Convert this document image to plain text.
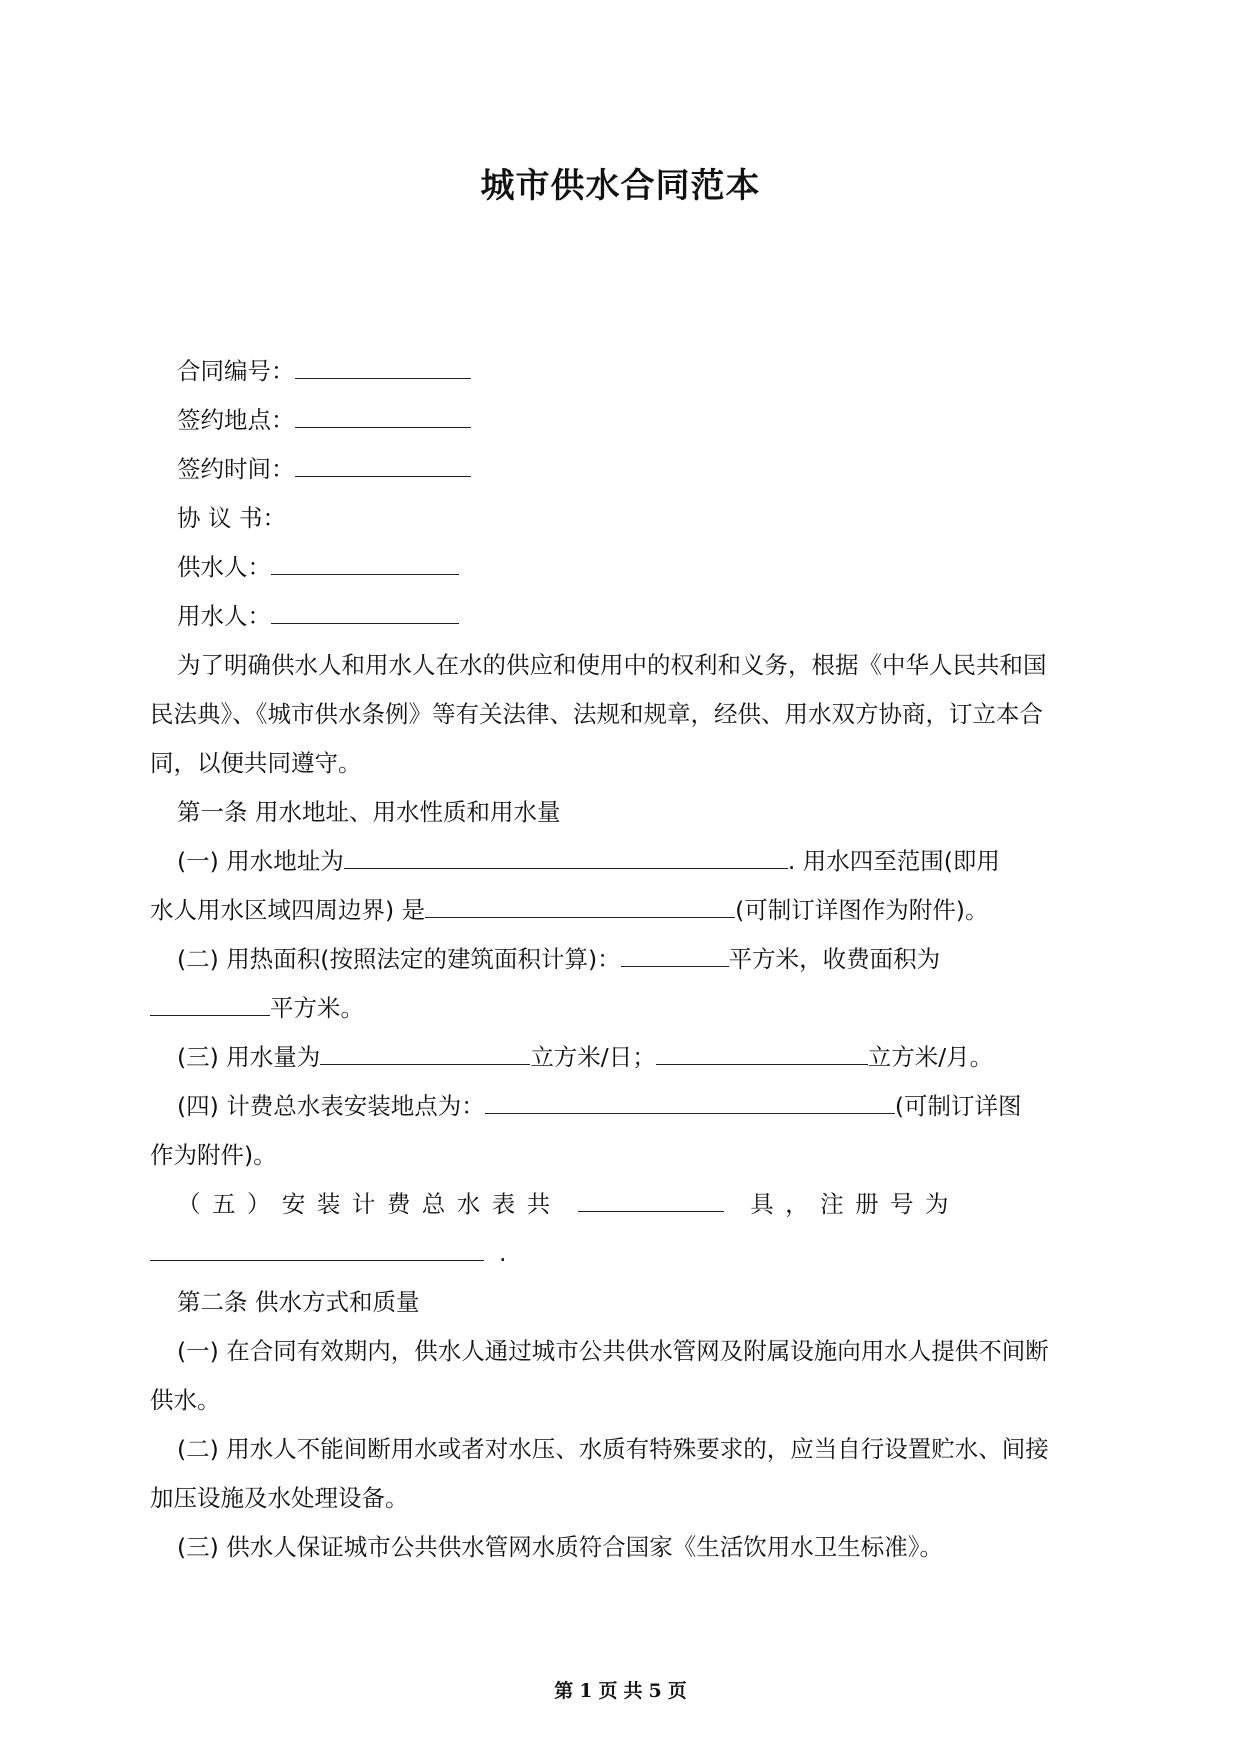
城市供水合同范本
合同编号：
签约地点：
签约时间：
协 议 书：
供水人：
用水人：
为了明确供水人和用水人在水的供应和使用中的权利和义务，根据《中华人民共和国
民法典》、《城市供水条例》等有关法律、法规和规章，经供、用水双方协商，订立本合
同，以便共同遵守。
第一条 用水地址、用水性质和用水量
(一) 用水地址为	. 用水四至范围(即用
水人用水区域四周边界) 是	(可制订详图作为附件)。
(二) 用热面积(按照法定的建筑面积计算)：	平方米，收费面积为
平方米。
(三) 用水量为	立方米/日；	立方米/月。
(四) 计费总水表安装地点为：	(可制订详图
作为附件)。
（ 五 ） 安 装 计 费 总 水 表 共	具 ， 注 册 号 为
.
第二条 供水方式和质量
(一) 在合同有效期内，供水人通过城市公共供水管网及附属设施向用水人提供不间断
供水。
(二) 用水人不能间断用水或者对水压、水质有特殊要求的，应当自行设置贮水、间接
加压设施及水处理设备。
(三) 供水人保证城市公共供水管网水质符合国家《生活饮用水卫生标准》。
第 1 页 共 5 页
